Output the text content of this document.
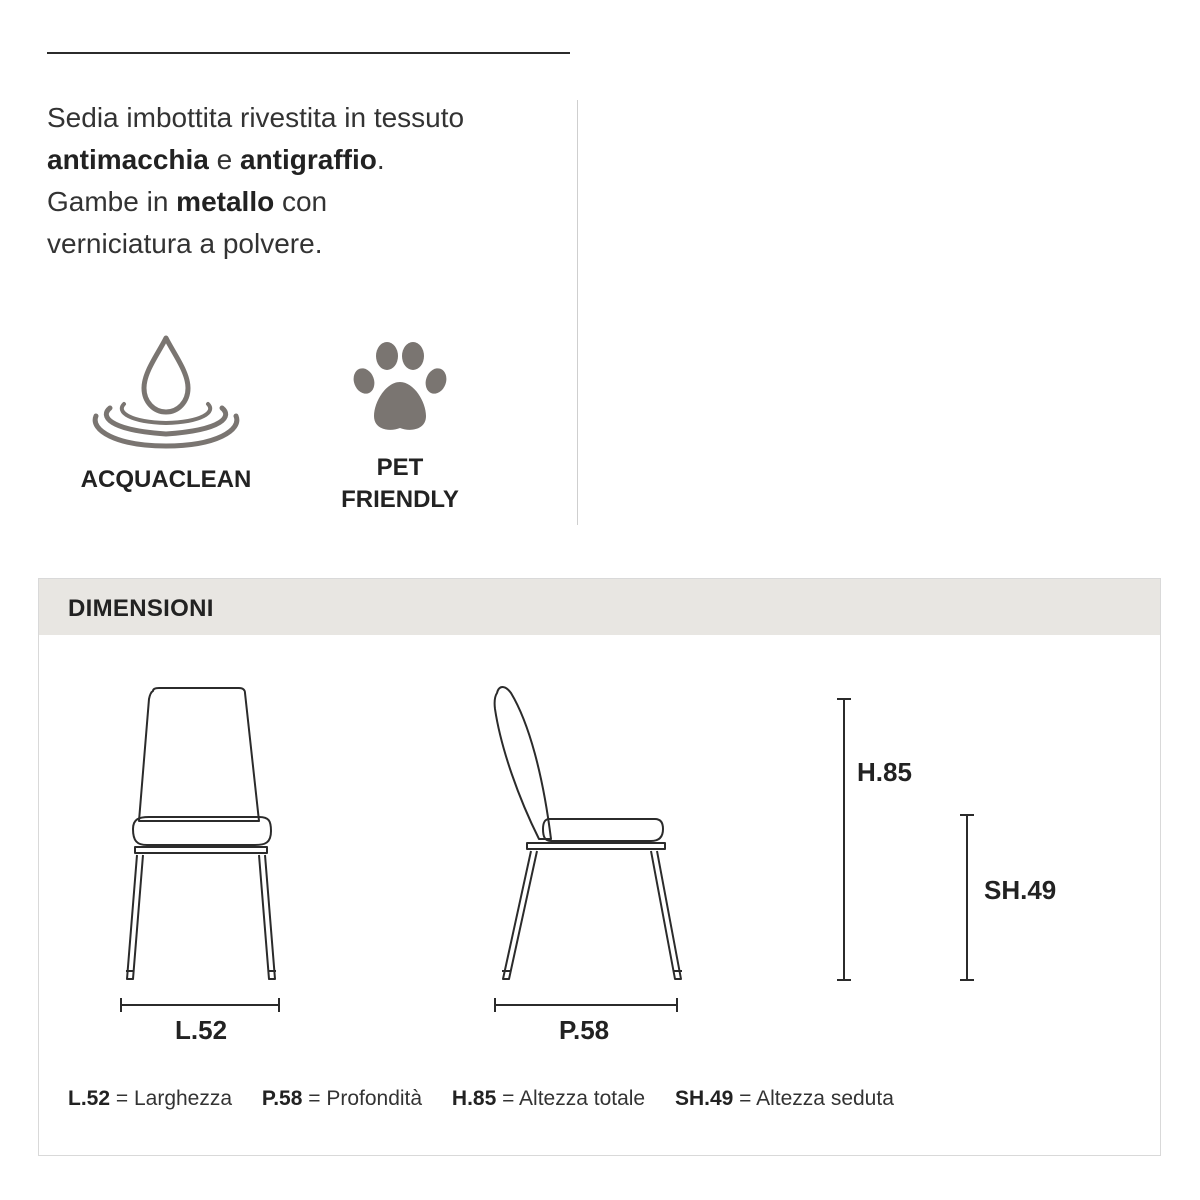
Sedia imbottita rivestita in tessuto
antimacchia e antigraffio.
Gambe in metallo con
verniciatura a polvere.
ACQUACLEAN	PET
FRIENDLY
DIMENSIONI
L.52	P.58
H.85
SH.49
L.52 = Larghezza P.58 = Profondità H.85 = Altezza totale SH.49 = Altezza seduta
